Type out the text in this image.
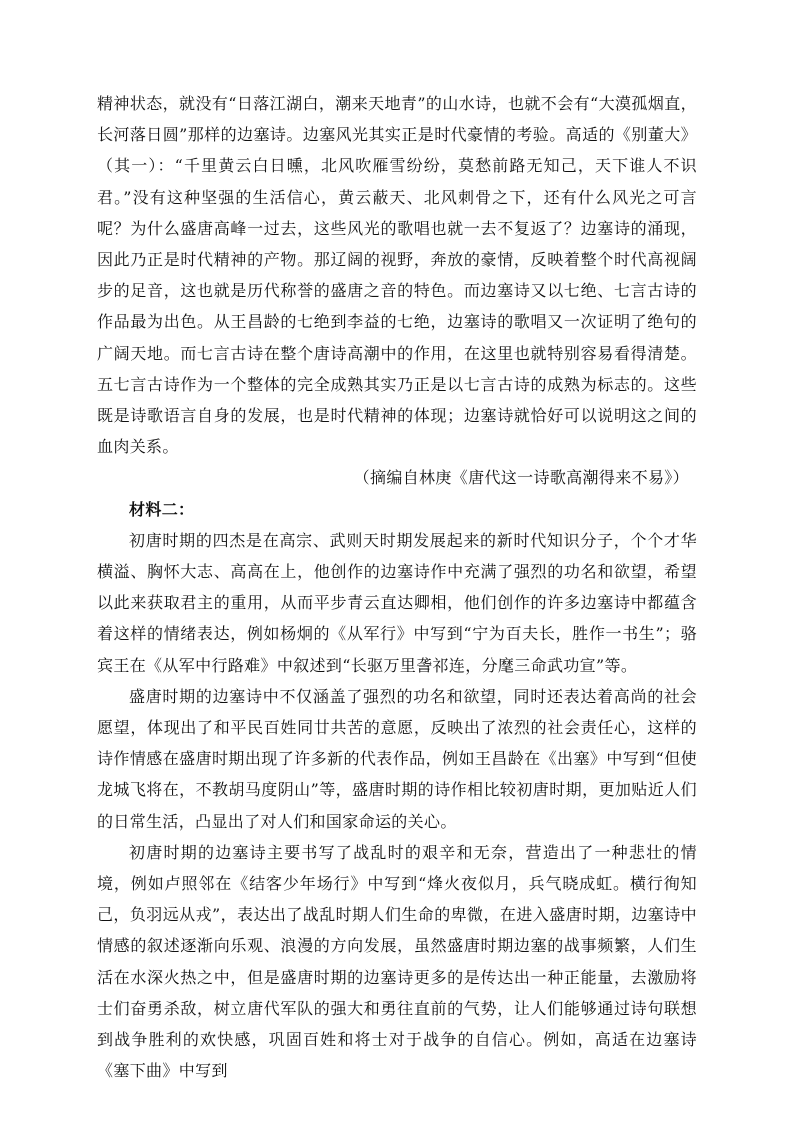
精神状态，就没有“日落江湖白，潮来天地青”的山水诗，也就不会有“大漠孤烟直，长河落日圆”那样的边塞诗。边塞风光其实正是时代豪情的考验。高适的《别董大》（其一）：“千里黄云白日曛，北风吹雁雪纷纷，莫愁前路无知己，天下谁人不识君。”没有这种坚强的生活信心，黄云蔽天、北风刺骨之下，还有什么风光之可言呢？为什么盛唐高峰一过去，这些风光的歌唱也就一去不复返了？边塞诗的涌现，因此乃正是时代精神的产物。那辽阔的视野，奔放的豪情，反映着整个时代高视阔步的足音，这也就是历代称誉的盛唐之音的特色。而边塞诗又以七绝、七言古诗的作品最为出色。从王昌龄的七绝到李益的七绝，边塞诗的歌唱又一次证明了绝句的广阔天地。而七言古诗在整个唐诗高潮中的作用，在这里也就特别容易看得清楚。五七言古诗作为一个整体的完全成熟其实乃正是以七言古诗的成熟为标志的。这些既是诗歌语言自身的发展，也是时代精神的体现；边塞诗就恰好可以说明这之间的血肉关系。

（摘编自林庚《唐代这一诗歌高潮得来不易》）

材料二：

初唐时期的四杰是在高宗、武则天时期发展起来的新时代知识分子，个个才华横溢、胸怀大志、高高在上，他创作的边塞诗作中充满了强烈的功名和欲望，希望以此来获取君主的重用，从而平步青云直达卿相，他们创作的许多边塞诗中都蕴含着这样的情绪表达，例如杨炯的《从军行》中写到“宁为百夫长，胜作一书生”；骆宾王在《从军中行路难》中叙述到“长驱万里詟祁连，分麾三命武功宣”等。

盛唐时期的边塞诗中不仅涵盖了强烈的功名和欲望，同时还表达着高尚的社会愿望，体现出了和平民百姓同廿共苦的意愿，反映出了浓烈的社会责任心，这样的诗作情感在盛唐时期出现了许多新的代表作品，例如王昌龄在《出塞》中写到“但使龙城飞将在，不教胡马度阴山”等，盛唐时期的诗作相比较初唐时期，更加贴近人们的日常生活，凸显出了对人们和国家命运的关心。

初唐时期的边塞诗主要书写了战乱时的艰辛和无奈，营造出了一种悲壮的情境，例如卢照邻在《结客少年场行》中写到“烽火夜似月，兵气晓成虹。横行徇知己，负羽远从戎”，表达出了战乱时期人们生命的卑微，在进入盛唐时期，边塞诗中情感的叙述逐渐向乐观、浪漫的方向发展，虽然盛唐时期边塞的战事频繁，人们生活在水深火热之中，但是盛唐时期的边塞诗更多的是传达出一种正能量，去激励将士们奋勇杀敌，树立唐代军队的强大和勇往直前的气势，让人们能够通过诗句联想到战争胜利的欢快感，巩固百姓和将士对于战争的自信心。例如，高适在边塞诗《塞下曲》中写到
